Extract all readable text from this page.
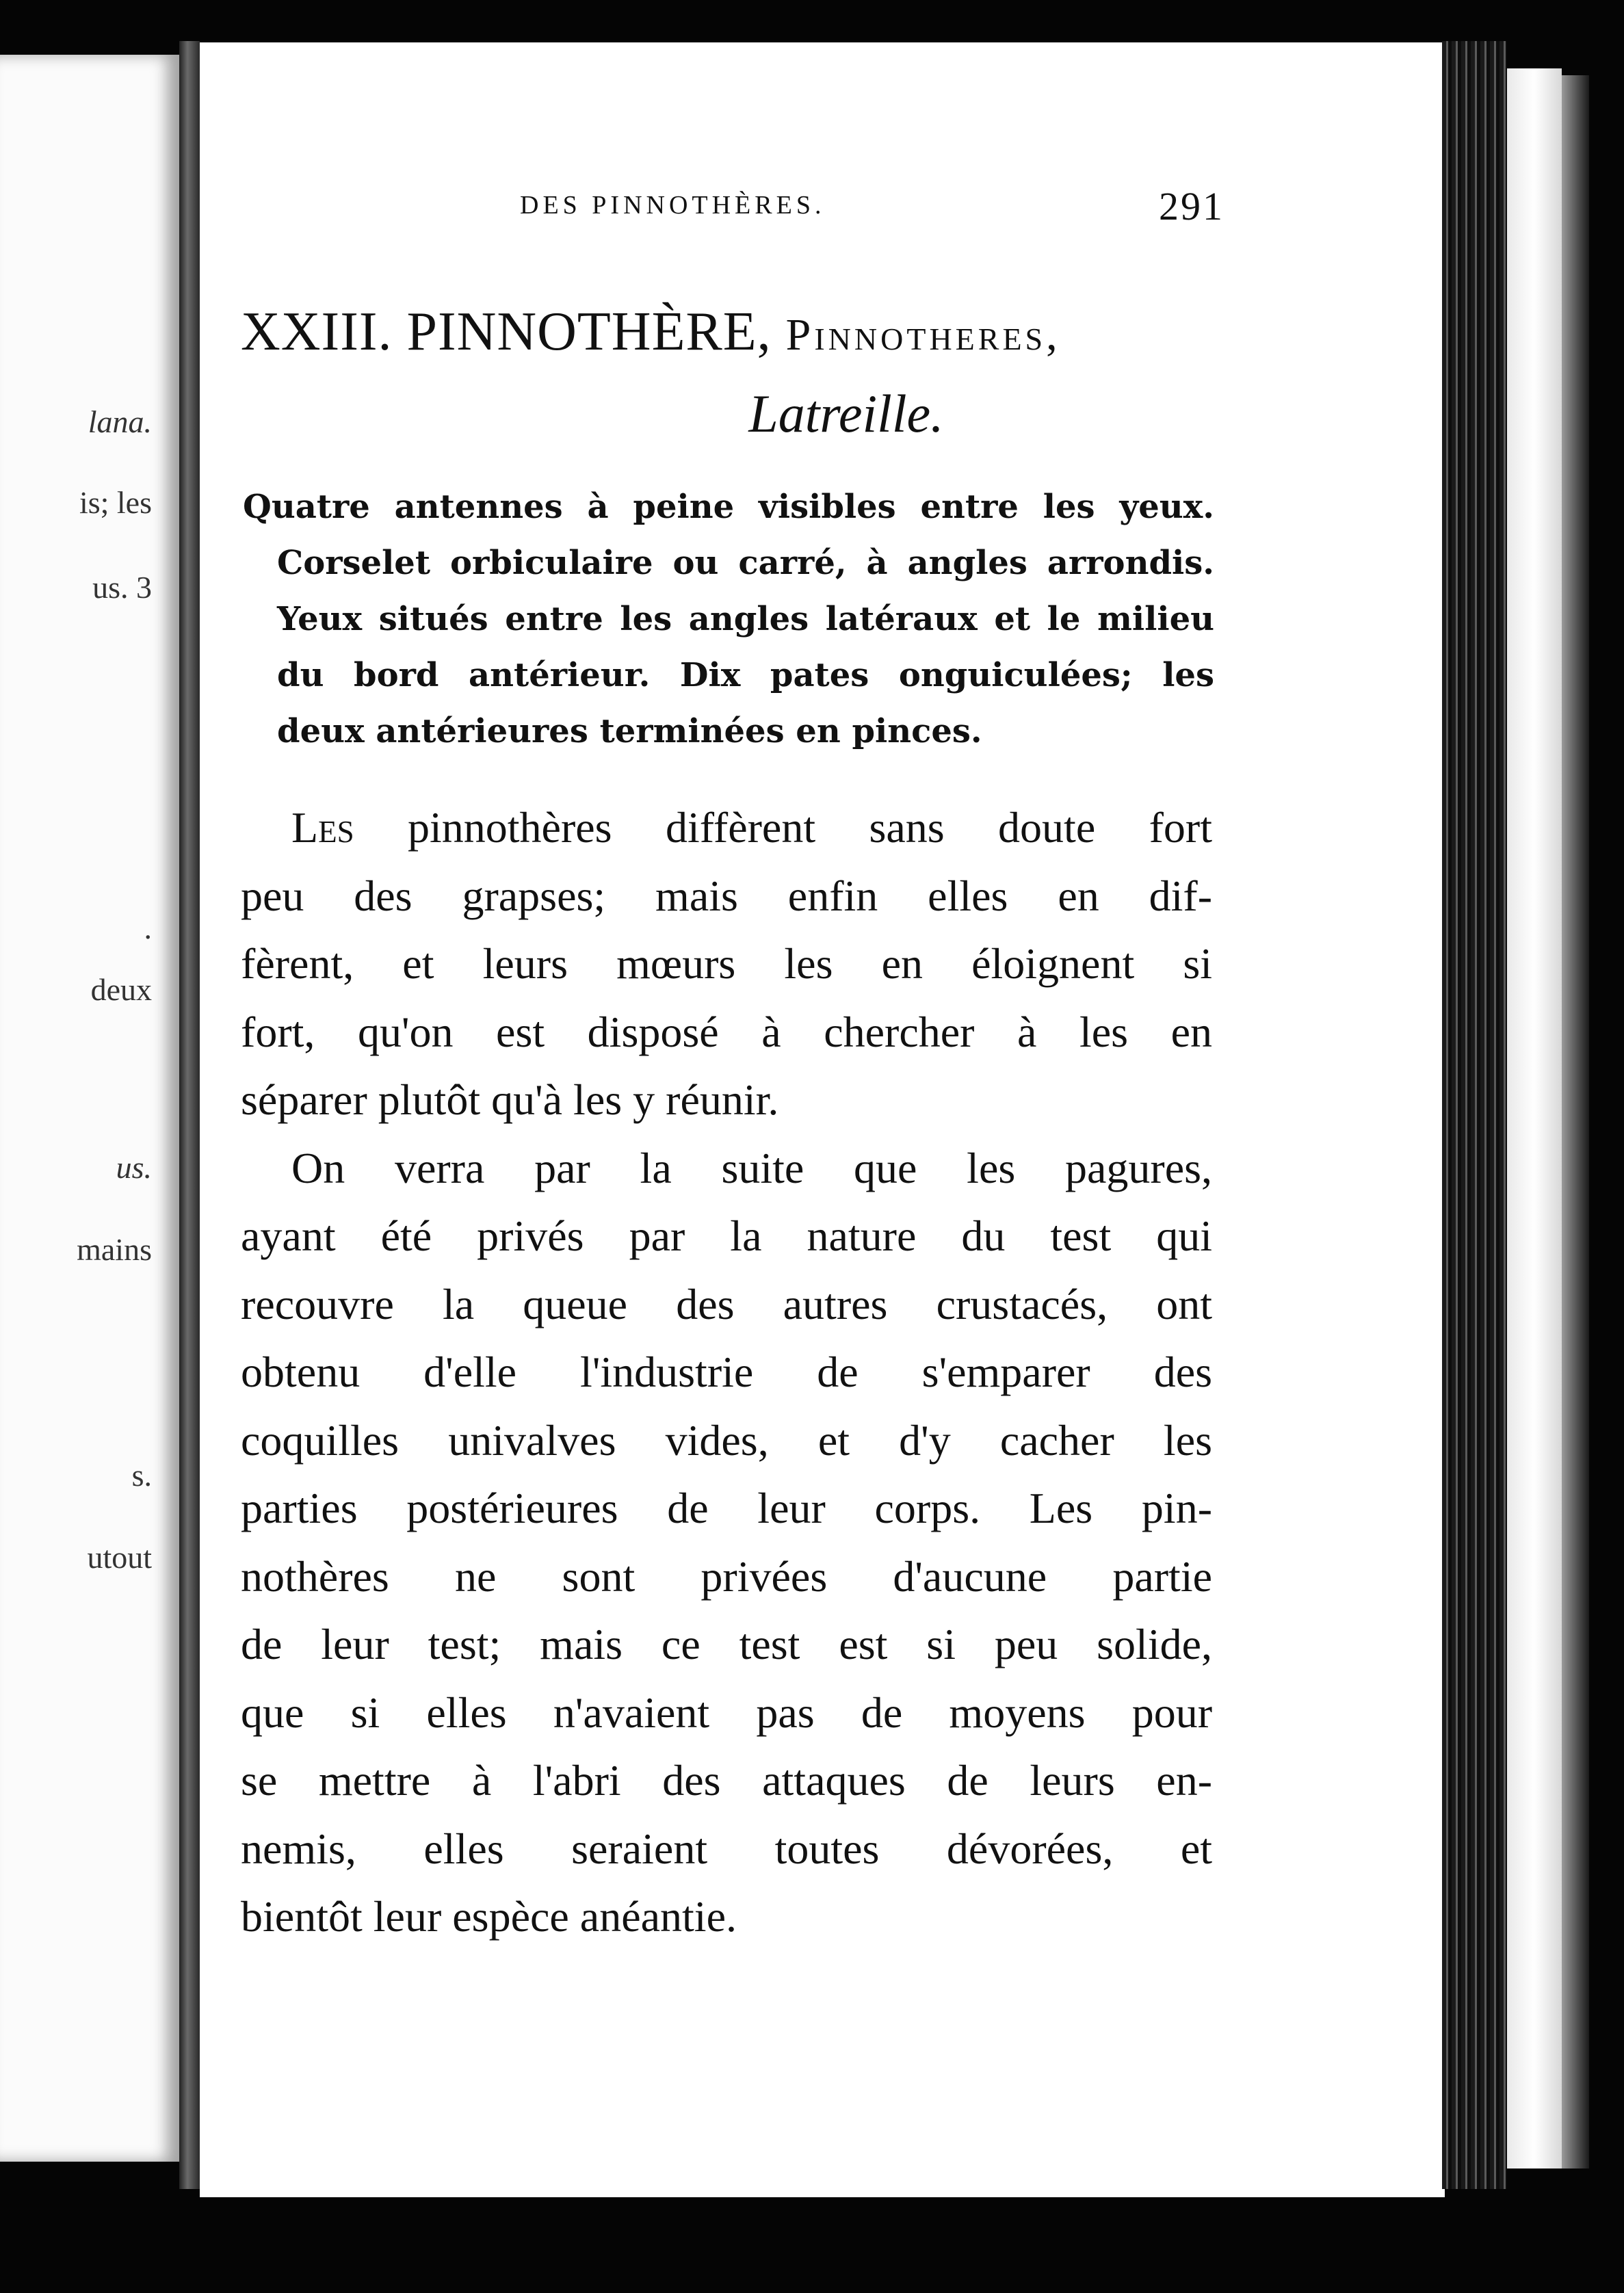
lana.
is; les
us. 3
.
deux
us.
mains
s.
utout
DES PINNOTHÈRES.	291
XXIII. PINNOTHÈRE, Pinnotheres,
Latreille.
Quatre antennes à peine visibles entre les yeux.
Corselet orbiculaire ou carré, à angles arrondis.
Yeux situés entre les angles latéraux et le milieu
du bord antérieur. Dix pates onguiculées; les
deux antérieures terminées en pinces.
Les pinnothères diffèrent sans doute fort
peu des grapses; mais enfin elles en dif-
fèrent, et leurs mœurs les en éloignent si
fort, qu'on est disposé à chercher à les en
séparer plutôt qu'à les y réunir.
On verra par la suite que les pagures,
ayant été privés par la nature du test qui
recouvre la queue des autres crustacés, ont
obtenu d'elle l'industrie de s'emparer des
coquilles univalves vides, et d'y cacher les
parties postérieures de leur corps. Les pin-
nothères ne sont privées d'aucune partie
de leur test; mais ce test est si peu solide,
que si elles n'avaient pas de moyens pour
se mettre à l'abri des attaques de leurs en-
nemis, elles seraient toutes dévorées, et
bientôt leur espèce anéantie.
